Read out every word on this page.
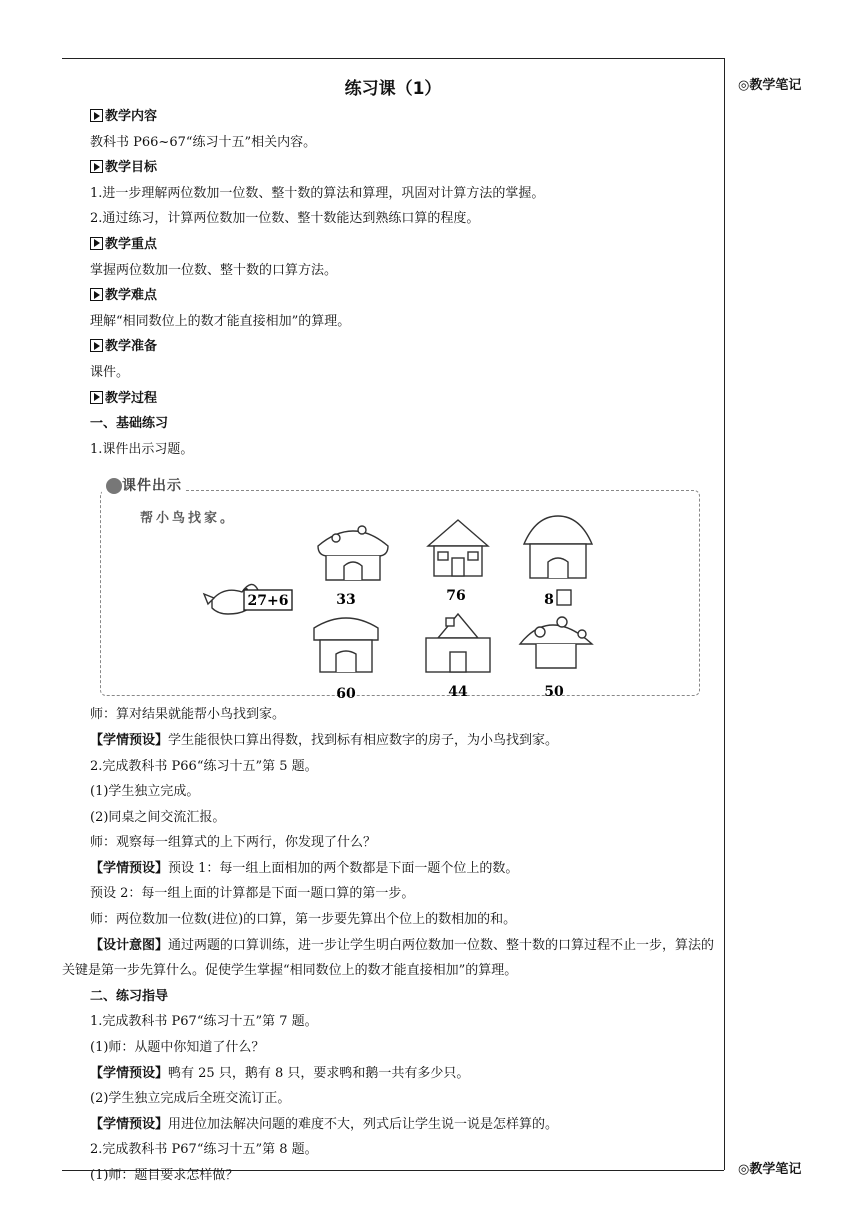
◎教学笔记
◎教学笔记
练习课（1）
教学内容
教科书 P66~67“练习十五”相关内容。
教学目标
1.进一步理解两位数加一位数、整十数的算法和算理，巩固对计算方法的掌握。
2.通过练习，计算两位数加一位数、整十数能达到熟练口算的程度。
教学重点
掌握两位数加一位数、整十数的口算方法。
教学难点
理解“相同数位上的数才能直接相加”的算理。
教学准备
课件。
教学过程
一、基础练习
1.课件出示习题。
课件出示
帮小鸟找家。
27+6	33	76	8
60	44	50
师：算对结果就能帮小鸟找到家。
【学情预设】学生能很快口算出得数，找到标有相应数字的房子，为小鸟找到家。
2.完成教科书 P66“练习十五”第 5 题。
(1)学生独立完成。
(2)同桌之间交流汇报。
师：观察每一组算式的上下两行，你发现了什么？
【学情预设】预设 1：每一组上面相加的两个数都是下面一题个位上的数。
预设 2：每一组上面的计算都是下面一题口算的第一步。
师：两位数加一位数(进位)的口算，第一步要先算出个位上的数相加的和。
【设计意图】通过两题的口算训练，进一步让学生明白两位数加一位数、整十数的口算过程不止一步，算法的关键是第一步先算什么。促使学生掌握“相同数位上的数才能直接相加”的算理。
二、练习指导
1.完成教科书 P67“练习十五”第 7 题。
(1)师：从题中你知道了什么？
【学情预设】鸭有 25 只，鹅有 8 只，要求鸭和鹅一共有多少只。
(2)学生独立完成后全班交流订正。
【学情预设】用进位加法解决问题的难度不大，列式后让学生说一说是怎样算的。
2.完成教科书 P67“练习十五”第 8 题。
(1)师：题目要求怎样做？
